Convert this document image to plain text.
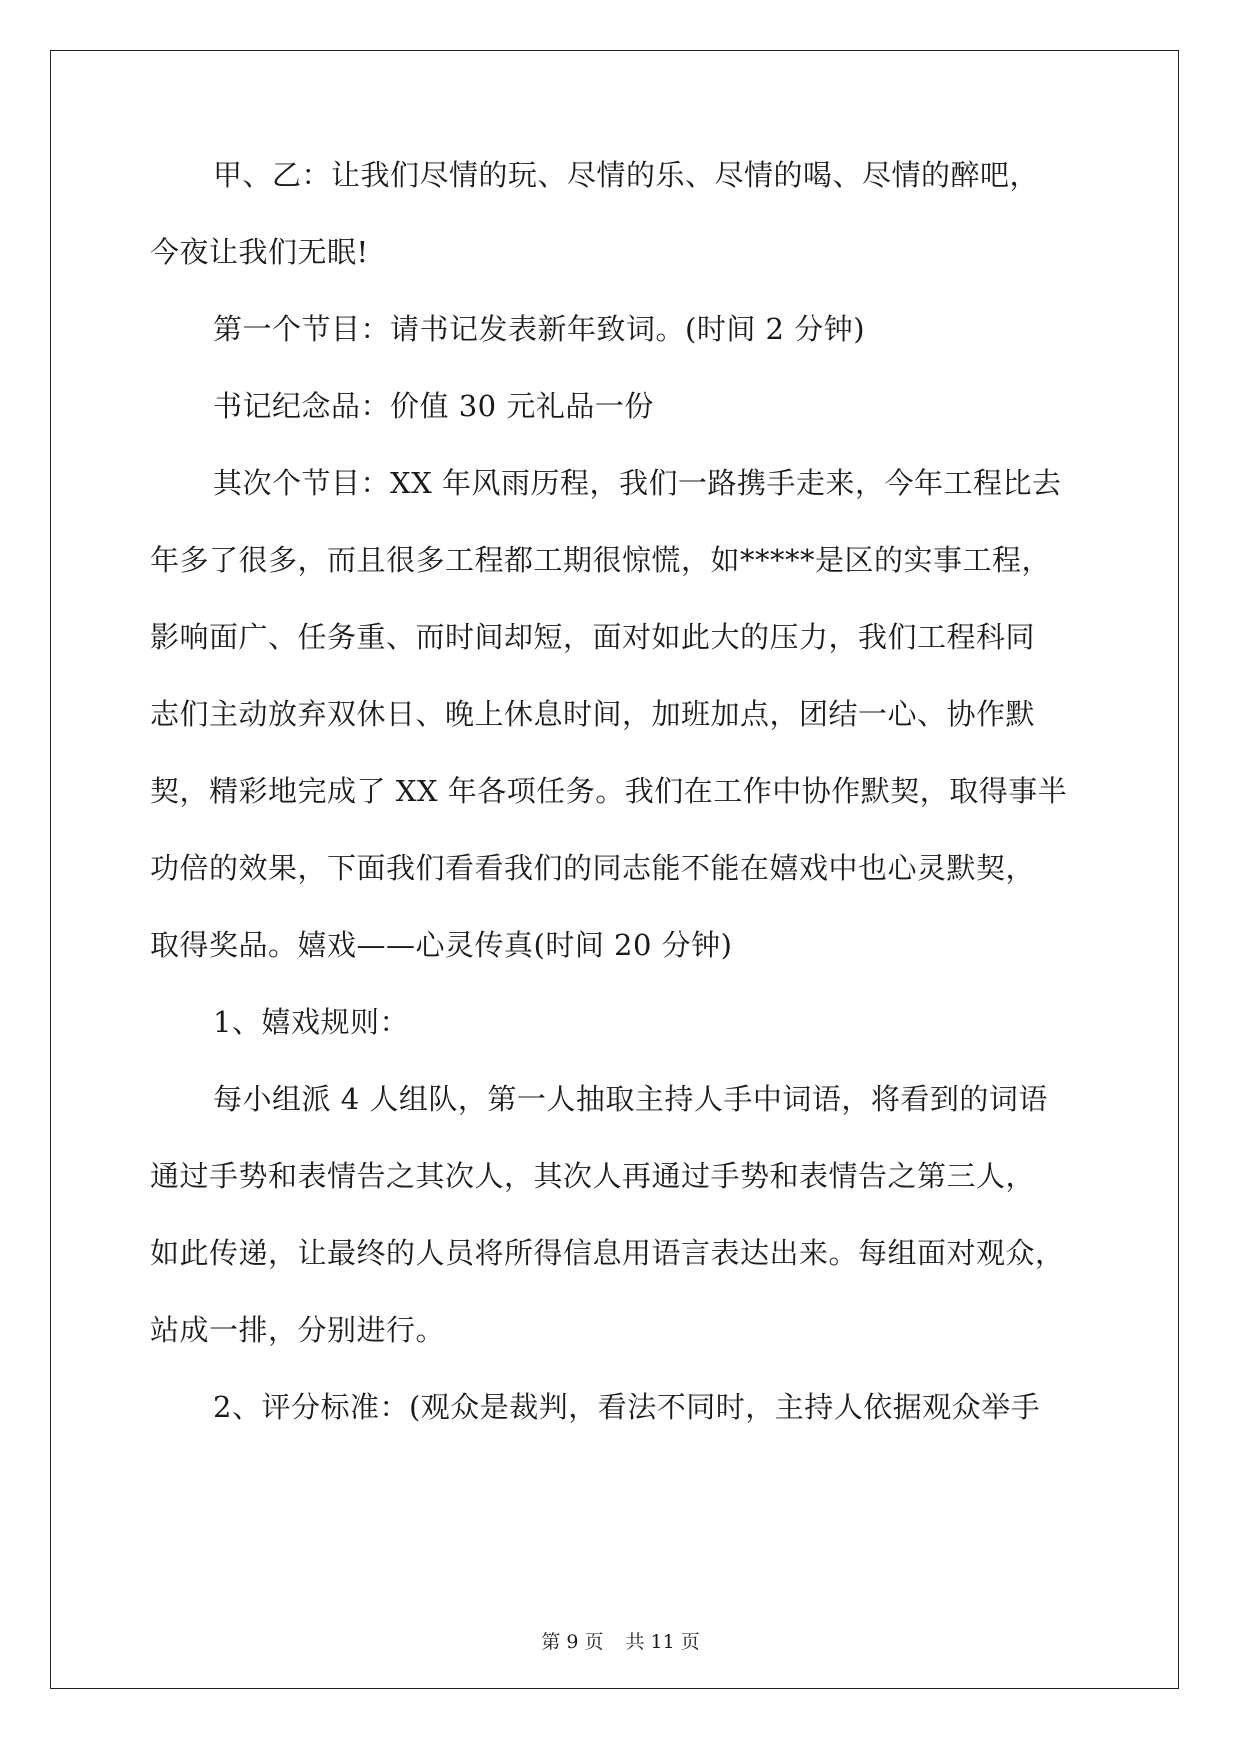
甲、乙：让我们尽情的玩、尽情的乐、尽情的喝、尽情的醉吧，
今夜让我们无眠!
第一个节目：请书记发表新年致词。(时间 2 分钟)
书记纪念品：价值 30 元礼品一份
其次个节目：XX 年风雨历程，我们一路携手走来，今年工程比去
年多了很多，而且很多工程都工期很惊慌，如*****是区的实事工程，
影响面广、任务重、而时间却短，面对如此大的压力，我们工程科同
志们主动放弃双休日、晚上休息时间，加班加点，团结一心、协作默
契，精彩地完成了 XX 年各项任务。我们在工作中协作默契，取得事半
功倍的效果，下面我们看看我们的同志能不能在嬉戏中也心灵默契，
取得奖品。嬉戏——心灵传真(时间 20 分钟)
1、嬉戏规则：
每小组派 4 人组队，第一人抽取主持人手中词语，将看到的词语
通过手势和表情告之其次人，其次人再通过手势和表情告之第三人，
如此传递，让最终的人员将所得信息用语言表达出来。每组面对观众，
站成一排，分别进行。
2、评分标准：(观众是裁判，看法不同时，主持人依据观众举手
第 9 页 共 11 页
